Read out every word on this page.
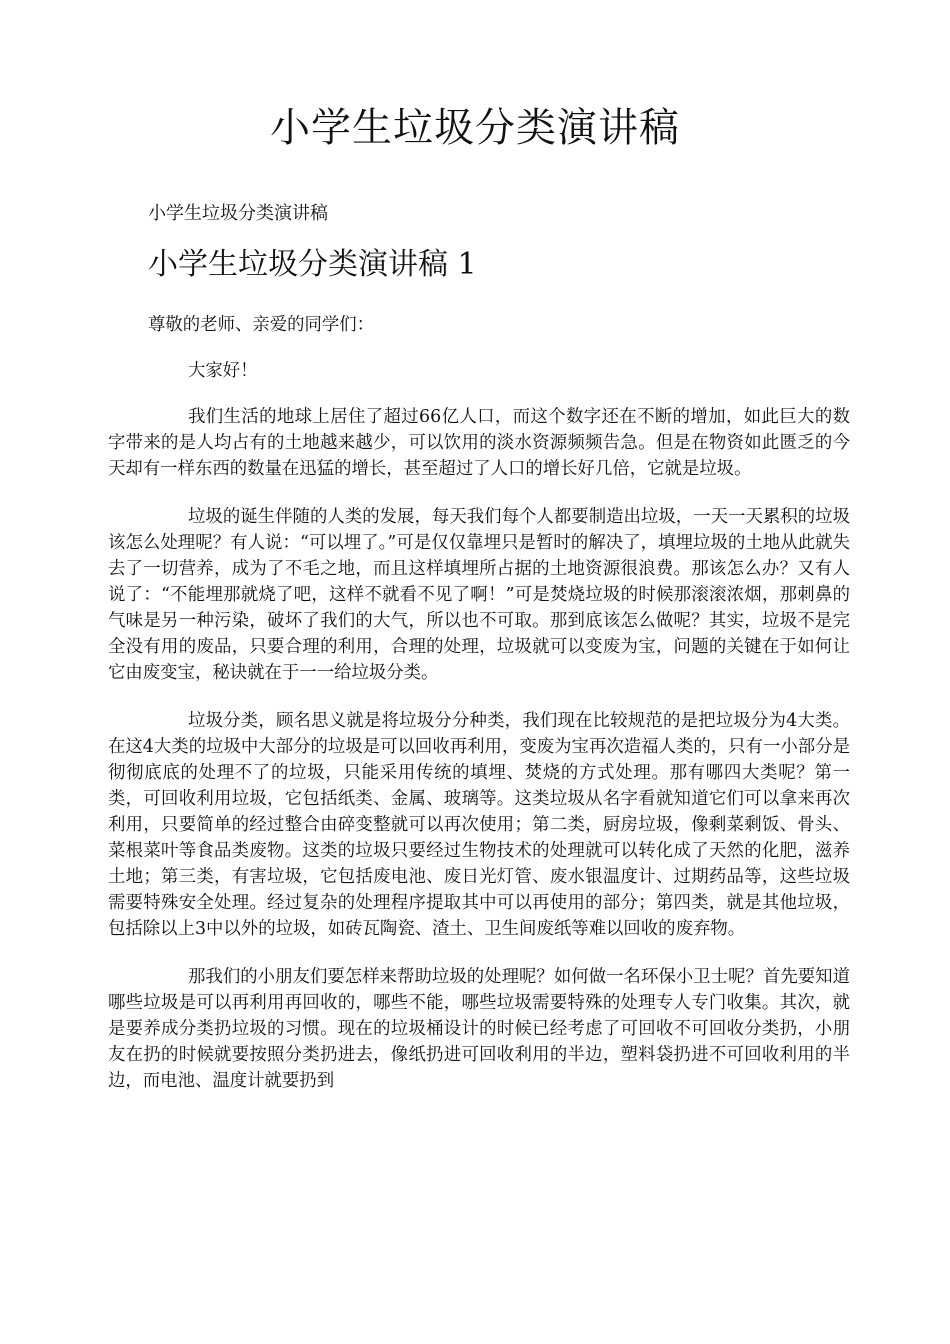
小学生垃圾分类演讲稿

小学生垃圾分类演讲稿

小学生垃圾分类演讲稿 1

尊敬的老师、亲爱的同学们：

大家好！

我们生活的地球上居住了超过66亿人口，而这个数字还在不断的增加，如此巨大的数字带来的是人均占有的土地越来越少，可以饮用的淡水资源频频告急。但是在物资如此匮乏的今天却有一样东西的数量在迅猛的增长，甚至超过了人口的增长好几倍，它就是垃圾。

垃圾的诞生伴随的人类的发展，每天我们每个人都要制造出垃圾，一天一天累积的垃圾该怎么处理呢？有人说：“可以埋了。”可是仅仅靠埋只是暂时的解决了，填埋垃圾的土地从此就失去了一切营养，成为了不毛之地，而且这样填埋所占据的土地资源很浪费。那该怎么办？又有人说了：“不能埋那就烧了吧，这样不就看不见了啊！”可是焚烧垃圾的时候那滚滚浓烟，那刺鼻的气味是另一种污染，破坏了我们的大气，所以也不可取。那到底该怎么做呢？其实，垃圾不是完全没有用的废品，只要合理的利用，合理的处理，垃圾就可以变废为宝，问题的关键在于如何让它由废变宝，秘诀就在于一一给垃圾分类。

垃圾分类，顾名思义就是将垃圾分分种类，我们现在比较规范的是把垃圾分为4大类。在这4大类的垃圾中大部分的垃圾是可以回收再利用，变废为宝再次造福人类的，只有一小部分是彻彻底底的处理不了的垃圾，只能采用传统的填埋、焚烧的方式处理。那有哪四大类呢？第一类，可回收利用垃圾，它包括纸类、金属、玻璃等。这类垃圾从名字看就知道它们可以拿来再次利用，只要简单的经过整合由碎变整就可以再次使用；第二类，厨房垃圾，像剩菜剩饭、骨头、菜根菜叶等食品类废物。这类的垃圾只要经过生物技术的处理就可以转化成了天然的化肥，滋养土地；第三类，有害垃圾，它包括废电池、废日光灯管、废水银温度计、过期药品等，这些垃圾需要特殊安全处理。经过复杂的处理程序提取其中可以再使用的部分；第四类，就是其他垃圾，包括除以上3中以外的垃圾，如砖瓦陶瓷、渣土、卫生间废纸等难以回收的废弃物。

那我们的小朋友们要怎样来帮助垃圾的处理呢？如何做一名环保小卫士呢？首先要知道哪些垃圾是可以再利用再回收的，哪些不能，哪些垃圾需要特殊的处理专人专门收集。其次，就是要养成分类扔垃圾的习惯。现在的垃圾桶设计的时候已经考虑了可回收不可回收分类扔，小朋友在扔的时候就要按照分类扔进去，像纸扔进可回收利用的半边，塑料袋扔进不可回收利用的半边，而电池、温度计就要扔到
